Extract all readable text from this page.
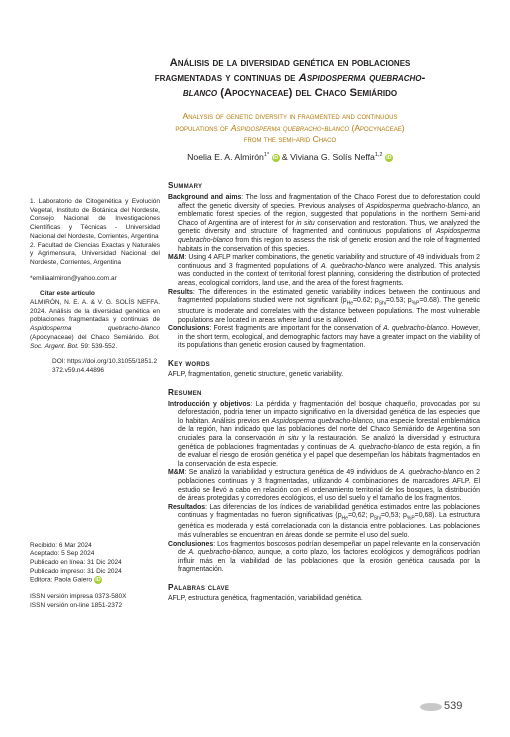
Análisis de la diversidad genética en poblaciones
fragmentadas y continuas de Aspidosperma quebracho-
blanco (Apocynaceae) del Chaco Semiárido

Analysis of genetic diversity in fragmented and continuous
populations of Aspidosperma quebracho-blanco (Apocynaceae)
from the semi-arid Chaco

Noelia E. A. Almirón$^{1*}$ iD & Viviana G. Solís Neffa$^{1,2}$ iD

1. Laboratorio de Citogenética y Evolución Vegetal, Instituto de Botánica del Nordeste, Consejo Nacional de Investigaciones Científicas y Técnicas - Universidad Nacional del Nordeste, Corrientes, Argentina

2. Facultad de Ciencias Exactas y Naturales y Agrimensura, Universidad Nacional del Nordeste, Corrientes, Argentina

*emiliaalmiron@yahoo.com.ar

Citar este artículo

ALMIRÓN, N. E. A. & V. G. SOLÍS NEFFA. 2024. Análisis de la diversidad genética en poblaciones fragmentadas y continuas de Aspidosperma quebracho-blanco (Apocynaceae) del Chaco Semiárido. Bol. Soc. Argent. Bot. 59: 539-552.

DOI: https://doi.org/10.31055/1851.2372.v59.n4.44896

Recibido: 6 Mar 2024

Aceptado: 5 Sep 2024

Publicado en línea: 31 Dic 2024

Publicado impreso: 31 Dic 2024

Editora: Paola Gaiero iD

ISSN versión impresa 0373-580X

ISSN versión on-line 1851-2372

Summary

Background and aims: The loss and fragmentation of the Chaco Forest due to deforestation could affect the genetic diversity of species. Previous analyses of Aspidosperma quebracho-blanco, an emblematic forest species of the region, suggested that populations in the northern Semi-arid Chaco of Argentina are of interest for in situ conservation and restoration. Thus, we analyzed the genetic diversity and structure of fragmented and continuous populations of Aspidosperma quebracho-blanco from this region to assess the risk of genetic erosion and the role of fragmented habitats in the conservation of this species.

M&M: Using 4 AFLP marker combinations, the genetic variability and structure of 49 individuals from 2 continuous and 3 fragmented populations of A. quebracho-blanco were analyzed. This analysis was conducted in the context of territorial forest planning, considering the distribution of protected areas, ecological corridors, land use, and the area of the forest fragments.

Results: The differences in the estimated genetic variability indices between the continuous and fragmented populations studied were not significant ($p_{He}=0.62$; $p_{Shi}=0.53$; $p_{\%P}=0.68$). The genetic structure is moderate and correlates with the distance between populations. The most vulnerable populations are located in areas where land use is allowed.

Conclusions: Forest fragments are important for the conservation of A. quebracho-blanco. However, in the short term, ecological, and demographic factors may have a greater impact on the viability of its populations than genetic erosion caused by fragmentation.

Key words

AFLP, fragmentation, genetic structure, genetic variability.

Resumen

Introducción y objetivos: La pérdida y fragmentación del bosque chaqueño, provocadas por su deforestación, podría tener un impacto significativo en la diversidad genética de las especies que lo habitan. Análisis previos en Aspidosperma quebracho-blanco, una especie forestal emblemática de la región, han indicado que las poblaciones del norte del Chaco Semiárido de Argentina son cruciales para la conservación in situ y la restauración. Se analizó la diversidad y estructura genética de poblaciones fragmentadas y continuas de A. quebracho-blanco de esta región, a fin de evaluar el riesgo de erosión genética y el papel que desempeñan los hábitats fragmentados en la conservación de esta especie.

M&M: Se analizó la variabilidad y estructura genética de 49 individuos de A. quebracho-blanco en 2 poblaciones continuas y 3 fragmentadas, utilizando 4 combinaciones de marcadores AFLP. El estudio se llevó a cabo en relación con el ordenamiento territorial de los bosques, la distribución de áreas protegidas y corredores ecológicos, el uso del suelo y el tamaño de los fragmentos.

Resultados: Las diferencias de los índices de variabilidad genética estimados entre las poblaciones continuas y fragmentadas no fueron significativas ($p_{He}=0,62$; $p_{Shi}=0,53$; $p_{\%P}=0,68$). La estructura genética es moderada y está correlacionada con la distancia entre poblaciones. Las poblaciones más vulnerables se encuentran en áreas donde se permite el uso del suelo.

Conclusiones: Los fragmentos boscosos podrían desempeñar un papel relevante en la conservación de A. quebracho-blanco, aunque, a corto plazo, los factores ecológicos y demográficos podrían influir más en la viabilidad de las poblaciones que la erosión genética causada por la fragmentación.

Palabras clave

AFLP, estructura genética, fragmentación, variabilidad genética.

539
